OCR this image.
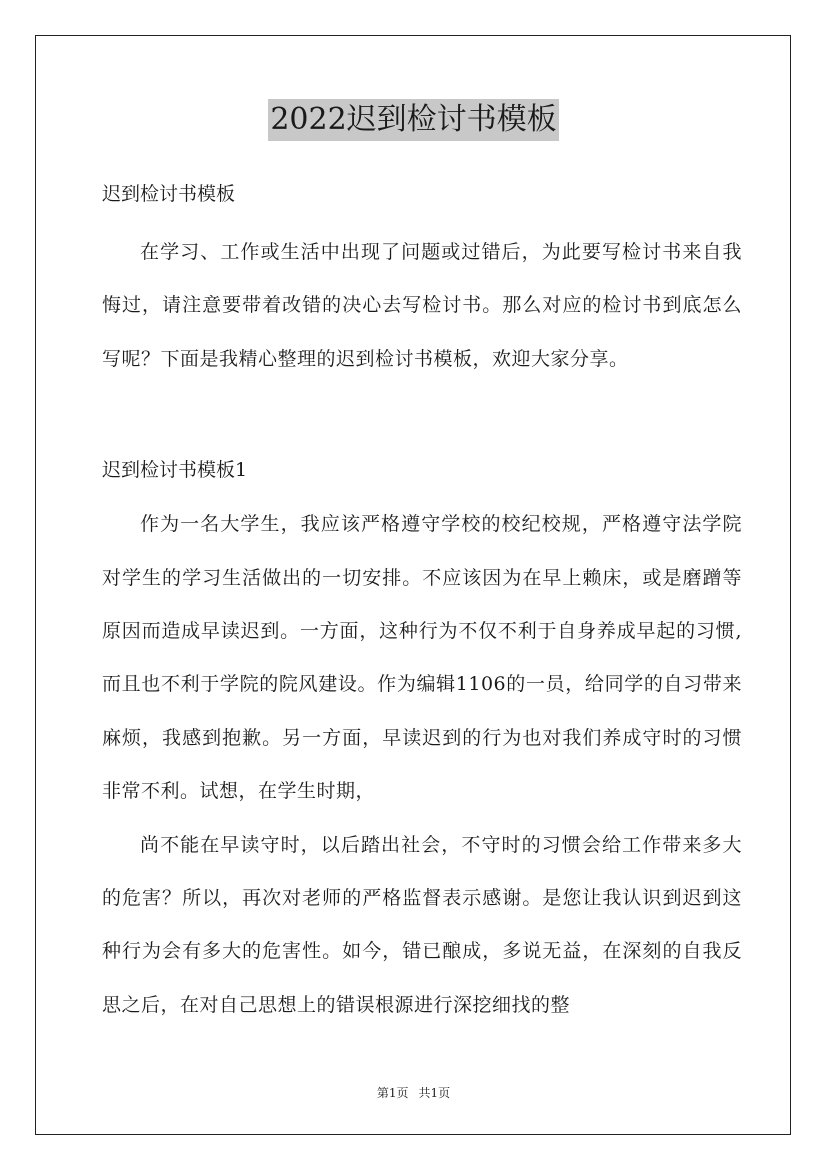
2022迟到检讨书模板

迟到检讨书模板

在学习、工作或生活中出现了问题或过错后，为此要写检讨书来自我悔过，请注意要带着改错的决心去写检讨书。那么对应的检讨书到底怎么写呢？下面是我精心整理的迟到检讨书模板，欢迎大家分享。

迟到检讨书模板1

作为一名大学生，我应该严格遵守学校的校纪校规，严格遵守法学院对学生的学习生活做出的一切安排。不应该因为在早上赖床，或是磨蹭等原因而造成早读迟到。一方面，这种行为不仅不利于自身养成早起的习惯,而且也不利于学院的院风建设。作为编辑1106的一员，给同学的自习带来麻烦，我感到抱歉。另一方面，早读迟到的行为也对我们养成守时的习惯非常不利。试想，在学生时期，

尚不能在早读守时，以后踏出社会，不守时的习惯会给工作带来多大的危害？所以，再次对老师的严格监督表示感谢。是您让我认识到迟到这种行为会有多大的危害性。如今，错已酿成，多说无益，在深刻的自我反思之后，在对自己思想上的错误根源进行深挖细找的整

第1页 共1页
